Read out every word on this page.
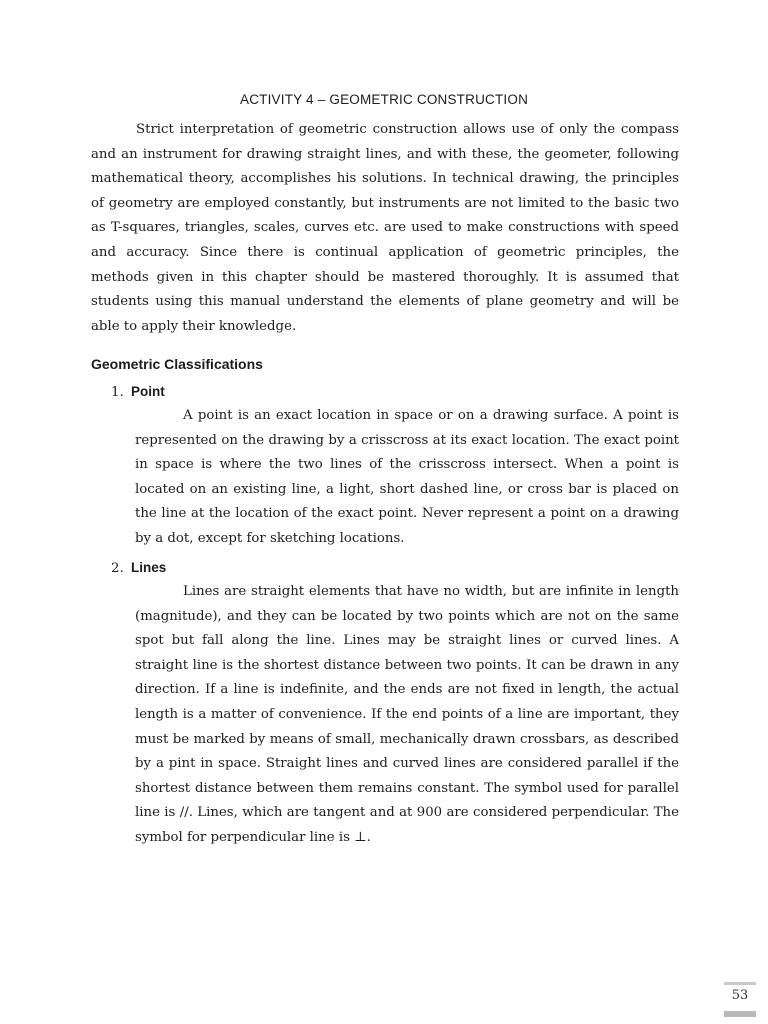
ACTIVITY 4 – GEOMETRIC CONSTRUCTION

Strict interpretation of geometric construction allows use of only the compass and an instrument for drawing straight lines, and with these, the geometer, following mathematical theory, accomplishes his solutions. In technical drawing, the principles of geometry are employed constantly, but instruments are not limited to the basic two as T-squares, triangles, scales, curves etc. are used to make constructions with speed and accuracy. Since there is continual application of geometric principles, the methods given in this chapter should be mastered thoroughly. It is assumed that students using this manual understand the elements of plane geometry and will be able to apply their knowledge.

Geometric Classifications
1. Point

A point is an exact location in space or on a drawing surface. A point is represented on the drawing by a crisscross at its exact location. The exact point in space is where the two lines of the crisscross intersect. When a point is located on an existing line, a light, short dashed line, or cross bar is placed on the line at the location of the exact point. Never represent a point on a drawing by a dot, except for sketching locations.

2. Lines

Lines are straight elements that have no width, but are infinite in length (magnitude), and they can be located by two points which are not on the same spot but fall along the line. Lines may be straight lines or curved lines. A straight line is the shortest distance between two points. It can be drawn in any direction. If a line is indefinite, and the ends are not fixed in length, the actual length is a matter of convenience. If the end points of a line are important, they must be marked by means of small, mechanically drawn crossbars, as described by a pint in space. Straight lines and curved lines are considered parallel if the shortest distance between them remains constant. The symbol used for parallel line is //. Lines, which are tangent and at 900 are considered perpendicular. The symbol for perpendicular line is ⊥.

53
